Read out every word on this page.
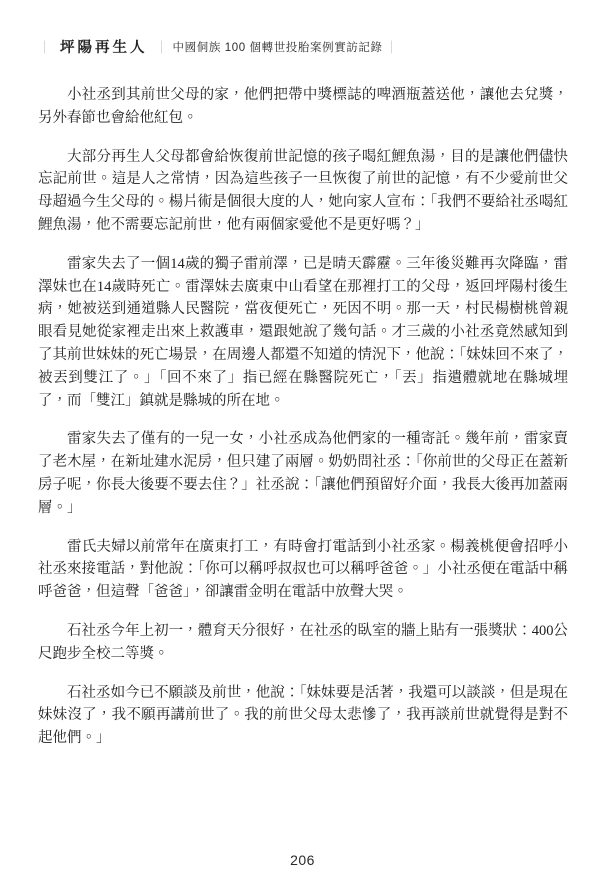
｜ 坪陽再生人 ｜ 中國侗族 100 個轉世投胎案例實訪記錄 ｜

小社丞到其前世父母的家，他們把帶中獎標誌的啤酒瓶蓋送他，讓他去兌獎，另外春節也會給他紅包。

大部分再生人父母都會給恢復前世記憶的孩子喝紅鯉魚湯，目的是讓他們儘快忘記前世。這是人之常情，因為這些孩子一旦恢復了前世的記憶，有不少愛前世父母超過今生父母的。楊片術是個很大度的人，她向家人宣布：「我們不要給社丞喝紅鯉魚湯，他不需要忘記前世，他有兩個家愛他不是更好嗎？」

雷家失去了一個14歲的獨子雷前澤，已是晴天霹靂。三年後災難再次降臨，雷澤妹也在14歲時死亡。雷澤妹去廣東中山看望在那裡打工的父母，返回坪陽村後生病，她被送到通道縣人民醫院，當夜便死亡，死因不明。那一天，村民楊樹桃曾親眼看見她從家裡走出來上救護車，還跟她說了幾句話。才三歲的小社丞竟然感知到了其前世妹妹的死亡場景，在周邊人都還不知道的情況下，他說：「妹妹回不來了，被丟到雙江了。」「回不來了」指已經在縣醫院死亡，「丟」指遺體就地在縣城埋了，而「雙江」鎮就是縣城的所在地。

雷家失去了僅有的一兒一女，小社丞成為他們家的一種寄託。幾年前，雷家賣了老木屋，在新址建水泥房，但只建了兩層。奶奶問社丞：「你前世的父母正在蓋新房子呢，你長大後要不要去住？」社丞說：「讓他們預留好介面，我長大後再加蓋兩層。」

雷氏夫婦以前常年在廣東打工，有時會打電話到小社丞家。楊義桃便會招呼小社丞來接電話，對他說：「你可以稱呼叔叔也可以稱呼爸爸。」小社丞便在電話中稱呼爸爸，但這聲「爸爸」，卻讓雷金明在電話中放聲大哭。

石社丞今年上初一，體育天分很好，在社丞的臥室的牆上貼有一張獎狀：400公尺跑步全校二等獎。

石社丞如今已不願談及前世，他說：「妹妹要是活著，我還可以談談，但是現在妹妹沒了，我不願再講前世了。我的前世父母太悲慘了，我再談前世就覺得是對不起他們。」

206
